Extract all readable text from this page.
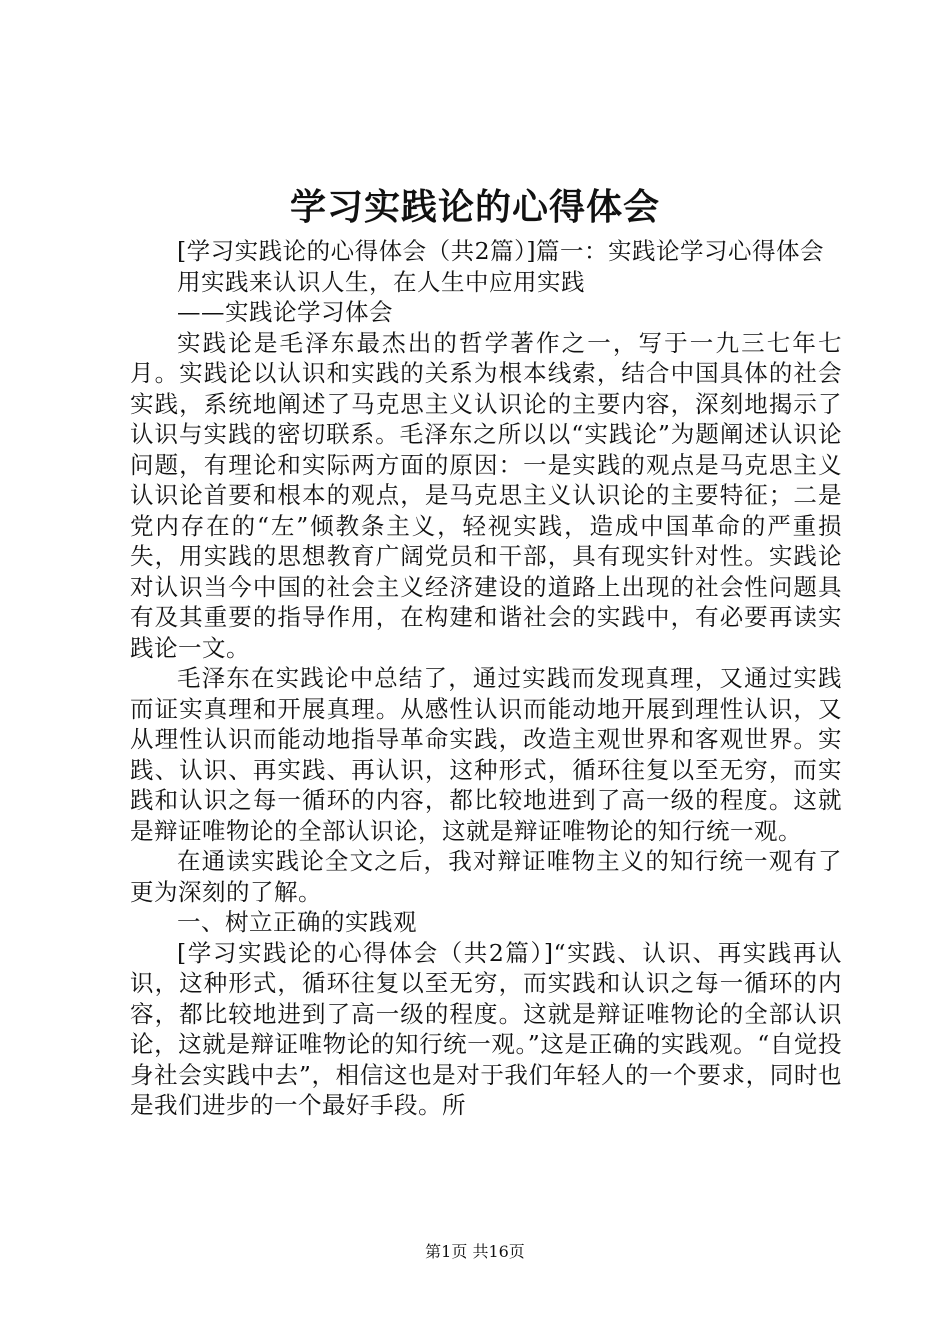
学习实践论的心得体会

[学习实践论的心得体会（共2篇）]篇一：实践论学习心得体会

用实践来认识人生，在人生中应用实践

——实践论学习体会

实践论是毛泽东最杰出的哲学著作之一，写于一九三七年七月。实践论以认识和实践的关系为根本线索，结合中国具体的社会实践，系统地阐述了马克思主义认识论的主要内容，深刻地揭示了认识与实践的密切联系。毛泽东之所以以“实践论”为题阐述认识论问题，有理论和实际两方面的原因：一是实践的观点是马克思主义认识论首要和根本的观点，是马克思主义认识论的主要特征；二是党内存在的“左”倾教条主义，轻视实践，造成中国革命的严重损失，用实践的思想教育广阔党员和干部，具有现实针对性。实践论对认识当今中国的社会主义经济建设的道路上出现的社会性问题具有及其重要的指导作用，在构建和谐社会的实践中，有必要再读实践论一文。

毛泽东在实践论中总结了，通过实践而发现真理，又通过实践而证实真理和开展真理。从感性认识而能动地开展到理性认识，又从理性认识而能动地指导革命实践，改造主观世界和客观世界。实践、认识、再实践、再认识，这种形式，循环往复以至无穷，而实践和认识之每一循环的内容，都比较地进到了高一级的程度。这就是辩证唯物论的全部认识论，这就是辩证唯物论的知行统一观。

在通读实践论全文之后，我对辩证唯物主义的知行统一观有了更为深刻的了解。

一、树立正确的实践观

[学习实践论的心得体会（共2篇）]“实践、认识、再实践再认识，这种形式，循环往复以至无穷，而实践和认识之每一循环的内容，都比较地进到了高一级的程度。这就是辩证唯物论的全部认识论，这就是辩证唯物论的知行统一观。”这是正确的实践观。“自觉投身社会实践中去”，相信这也是对于我们年轻人的一个要求，同时也是我们进步的一个最好手段。所

第1页 共16页
